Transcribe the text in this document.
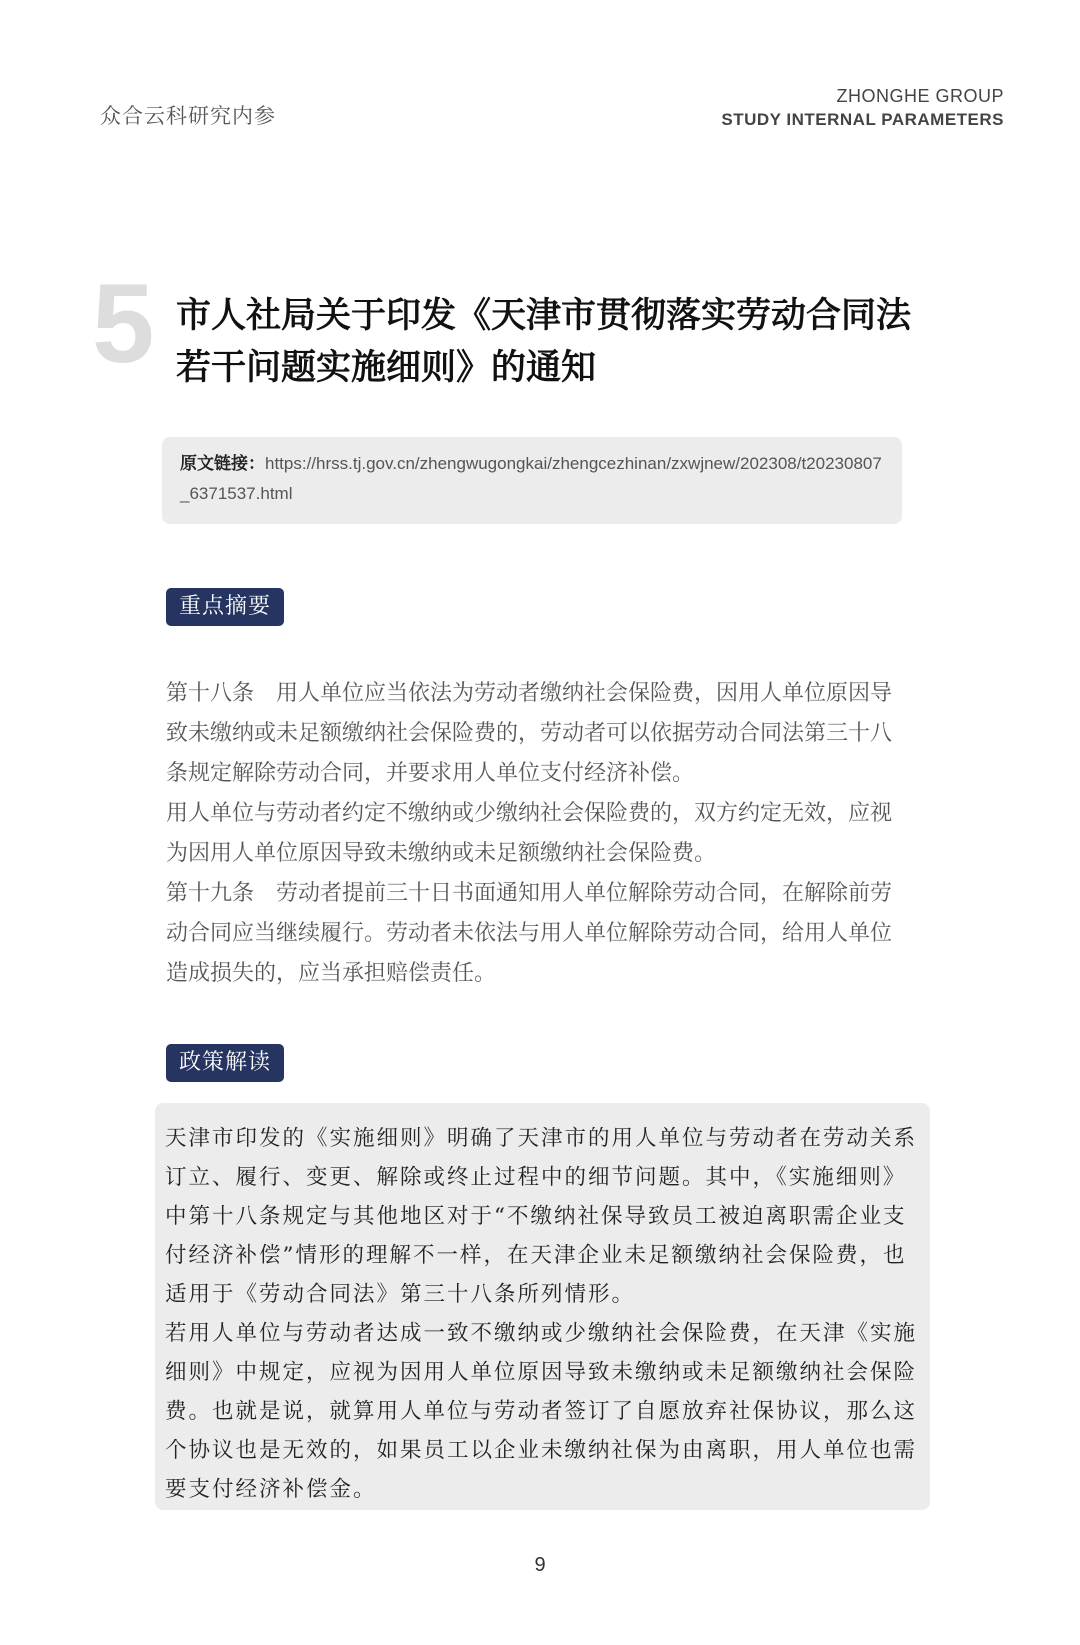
众合云科研究内参
ZHONGHE GROUP
STUDY INTERNAL PARAMETERS
5 市人社局关于印发《天津市贯彻落实劳动合同法若干问题实施细则》的通知
原文链接：https://hrss.tj.gov.cn/zhengwugongkai/zhengcezhinan/zxwjnew/202308/t20230807_6371537.html
重点摘要

第十八条　用人单位应当依法为劳动者缴纳社会保险费，因用人单位原因导致未缴纳或未足额缴纳社会保险费的，劳动者可以依据劳动合同法第三十八条规定解除劳动合同，并要求用人单位支付经济补偿。

用人单位与劳动者约定不缴纳或少缴纳社会保险费的，双方约定无效，应视为因用人单位原因导致未缴纳或未足额缴纳社会保险费。

第十九条　劳动者提前三十日书面通知用人单位解除劳动合同，在解除前劳动合同应当继续履行。劳动者未依法与用人单位解除劳动合同，给用人单位造成损失的，应当承担赔偿责任。

政策解读

天津市印发的《实施细则》明确了天津市的用人单位与劳动者在劳动关系订立、履行、变更、解除或终止过程中的细节问题。其中，《实施细则》中第十八条规定与其他地区对于“不缴纳社保导致员工被迫离职需企业支付经济补偿”情形的理解不一样，在天津企业未足额缴纳社会保险费，也适用于《劳动合同法》第三十八条所列情形。

若用人单位与劳动者达成一致不缴纳或少缴纳社会保险费，在天津《实施细则》中规定，应视为因用人单位原因导致未缴纳或未足额缴纳社会保险费。也就是说，就算用人单位与劳动者签订了自愿放弃社保协议，那么这个协议也是无效的，如果员工以企业未缴纳社保为由离职，用人单位也需要支付经济补偿金。

9
